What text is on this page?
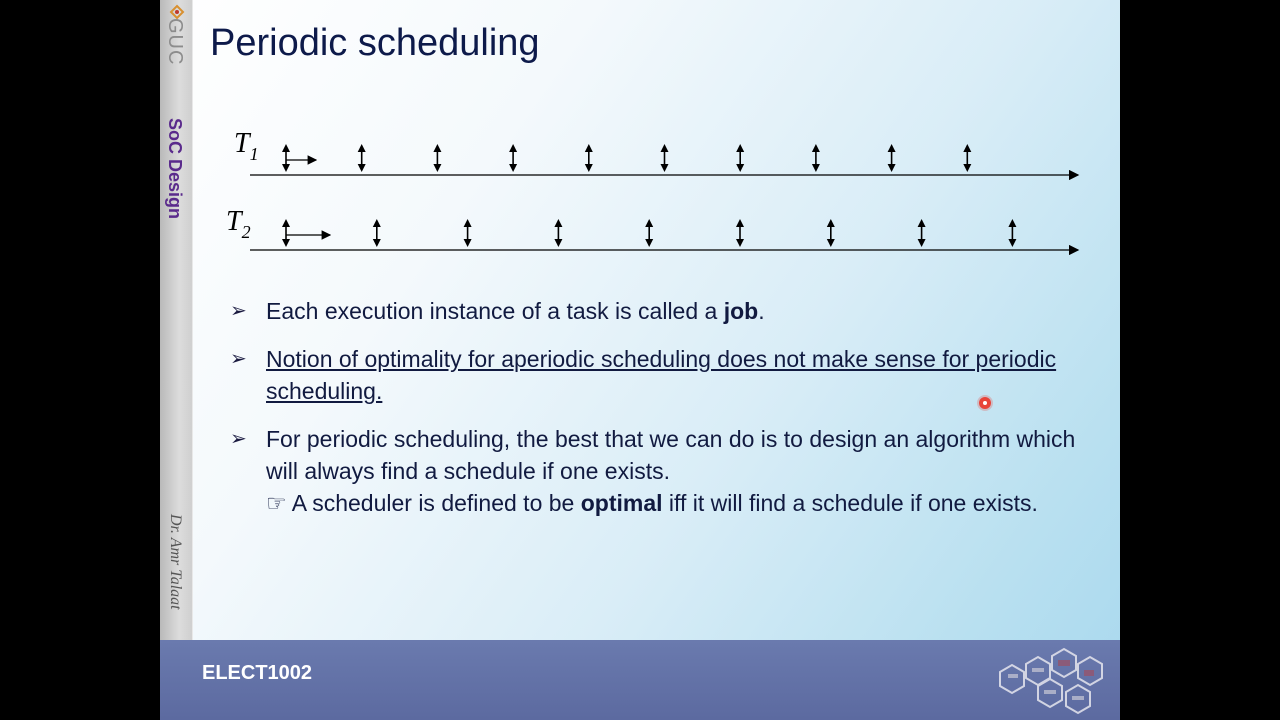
GUC
SoC Design
Dr. Amr Talaat
Periodic scheduling
$T_1$
$T_2$
➢ Each execution instance of a task is called a job.
➢ Notion of optimality for aperiodic scheduling does not make sense for periodic scheduling.
➢ For periodic scheduling, the best that we can do is to design an algorithm which will always find a schedule if one exists.
☞ A scheduler is defined to be optimal iff it will find a schedule if one exists.
ELECT1002
